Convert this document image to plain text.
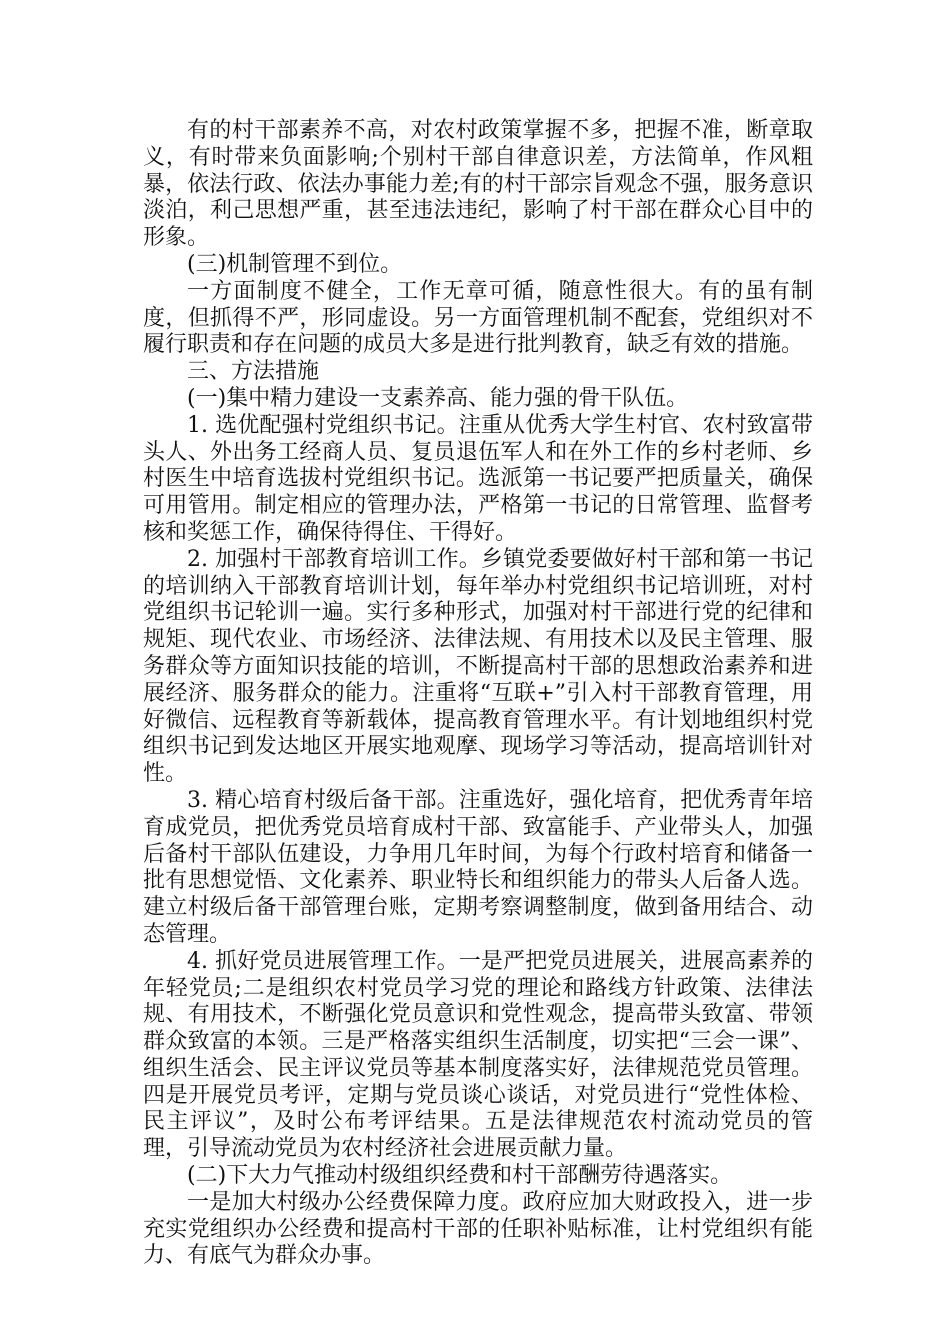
有的村干部素养不高，对农村政策掌握不多，把握不准，断章取义，有时带来负面影响;个别村干部自律意识差，方法简单，作风粗暴，依法行政、依法办事能力差;有的村干部宗旨观念不强，服务意识淡泊，利己思想严重，甚至违法违纪，影响了村干部在群众心目中的形象。

(三)机制管理不到位。

一方面制度不健全，工作无章可循，随意性很大。有的虽有制度，但抓得不严，形同虚设。另一方面管理机制不配套，党组织对不履行职责和存在问题的成员大多是进行批判教育，缺乏有效的措施。

三、方法措施

(一)集中精力建设一支素养高、能力强的骨干队伍。

1. 选优配强村党组织书记。注重从优秀大学生村官、农村致富带头人、外出务工经商人员、复员退伍军人和在外工作的乡村老师、乡村医生中培育选拔村党组织书记。选派第一书记要严把质量关，确保可用管用。制定相应的管理办法，严格第一书记的日常管理、监督考核和奖惩工作，确保待得住、干得好。

2. 加强村干部教育培训工作。乡镇党委要做好村干部和第一书记的培训纳入干部教育培训计划，每年举办村党组织书记培训班，对村党组织书记轮训一遍。实行多种形式，加强对村干部进行党的纪律和规矩、现代农业、市场经济、法律法规、有用技术以及民主管理、服务群众等方面知识技能的培训，不断提高村干部的思想政治素养和进展经济、服务群众的能力。注重将“互联+”引入村干部教育管理，用好微信、远程教育等新载体，提高教育管理水平。有计划地组织村党组织书记到发达地区开展实地观摩、现场学习等活动，提高培训针对性。

3. 精心培育村级后备干部。注重选好，强化培育，把优秀青年培育成党员，把优秀党员培育成村干部、致富能手、产业带头人，加强后备村干部队伍建设，力争用几年时间，为每个行政村培育和储备一批有思想觉悟、文化素养、职业特长和组织能力的带头人后备人选。建立村级后备干部管理台账，定期考察调整制度，做到备用结合、动态管理。

4. 抓好党员进展管理工作。一是严把党员进展关，进展高素养的年轻党员;二是组织农村党员学习党的理论和路线方针政策、法律法规、有用技术，不断强化党员意识和党性观念，提高带头致富、带领群众致富的本领。三是严格落实组织生活制度，切实把“三会一课”、组织生活会、民主评议党员等基本制度落实好，法律规范党员管理。四是开展党员考评，定期与党员谈心谈话，对党员进行“党性体检、民主评议”，及时公布考评结果。五是法律规范农村流动党员的管理，引导流动党员为农村经济社会进展贡献力量。

(二)下大力气推动村级组织经费和村干部酬劳待遇落实。

一是加大村级办公经费保障力度。政府应加大财政投入，进一步充实党组织办公经费和提高村干部的任职补贴标准，让村党组织有能力、有底气为群众办事。
